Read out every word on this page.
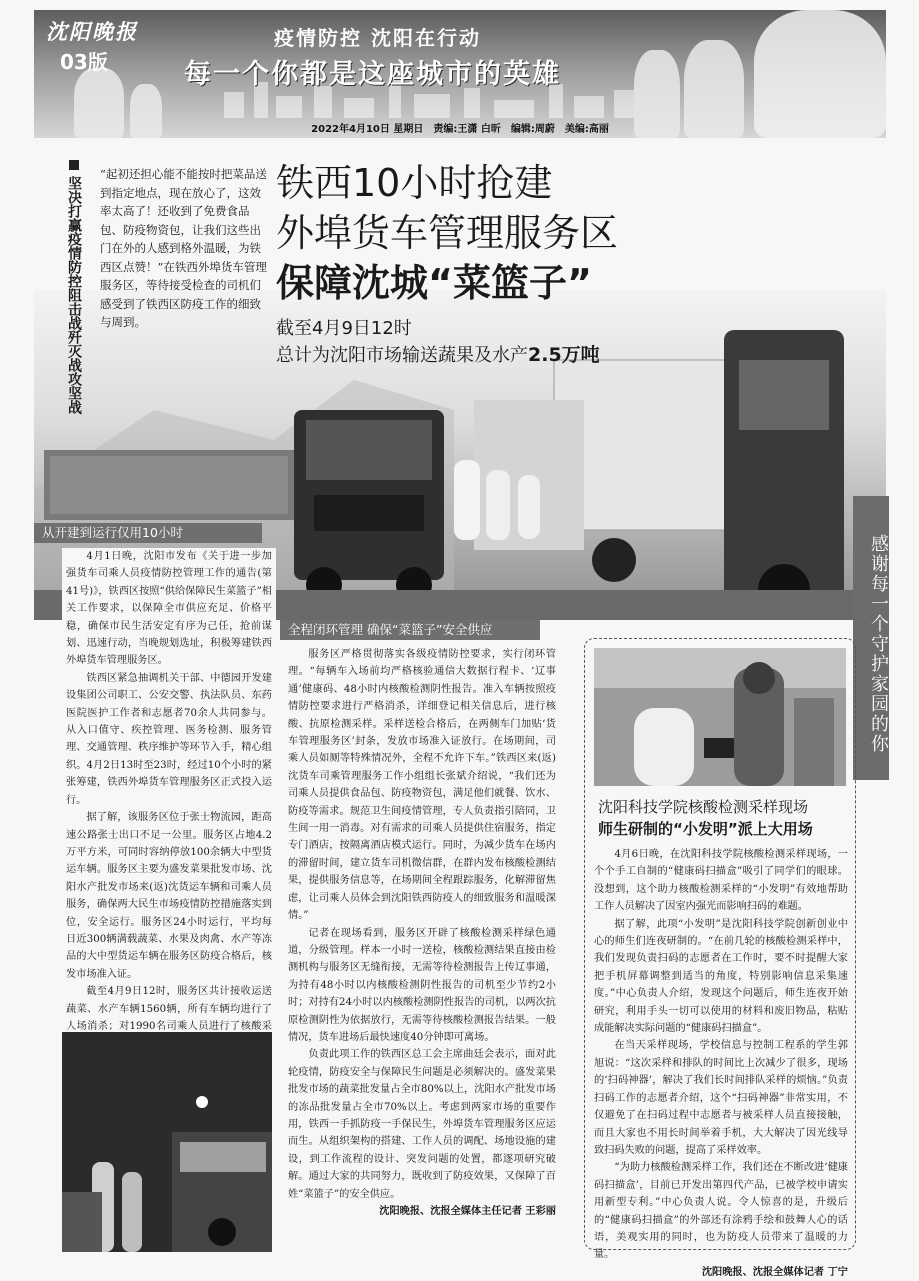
沈阳晚报
03版
疫情防控 沈阳在行动
每一个你都是这座城市的英雄
2022年4月10日 星期日　责编:王潇 白昕　编辑:周蔚　美编:高丽
坚决打赢疫情防控阻击战歼灭战攻坚战
“起初还担心能不能按时把菜品送到指定地点，现在放心了，这效率太高了！还收到了免费食品包、防疫物资包，让我们这些出门在外的人感到格外温暖，为铁西区点赞！”在铁西外埠货车管理服务区，等待接受检查的司机们感受到了铁西区防疫工作的细致与周到。
铁西10小时抢建
外埠货车管理服务区
保障沈城“菜篮子”
截至4月9日12时
总计为沈阳市场输送蔬果及水产2.5万吨
从开建到运行仅用10小时

4月1日晚，沈阳市发布《关于进一步加强货车司乘人员疫情防控管理工作的通告(第41号)》，铁西区按照“供给保障民生菜篮子”相关工作要求，以保障全市供应充足、价格平稳，确保市民生活安定有序为己任，抢前谋划、迅速行动，当晚规划选址，积极筹建铁西外埠货车管理服务区。

铁西区紧急抽调机关干部、中德园开发建设集团公司职工、公安交警、执法队员、东药医院医护工作者和志愿者70余人共同参与。从入口值守、疾控管理、医务检测、服务管理、交通管理、秩序维护等环节入手，精心组织。4月2日13时至23时，经过10个小时的紧张筹建，铁西外埠货车管理服务区正式投入运行。

据了解，该服务区位于张士物流园，距高速公路张士出口不足一公里。服务区占地4.2万平方米，可同时容纳停放100余辆大中型货运车辆。服务区主要为盛发菜果批发市场、沈阳水产批发市场来(返)沈货运车辆和司乘人员服务，确保两大民生市场疫情防控措施落实到位，安全运行。服务区24小时运行，平均每日近300辆满载蔬菜、水果及肉禽、水产等冻品的大中型货运车辆在服务区防疫合格后，核发市场准入证。

截至4月9日12时，服务区共计接收运送蔬菜、水产车辆1560辆，所有车辆均进行了人场消杀；对1990名司乘人员进行了核酸采

全程闭环管理 确保“菜篮子”安全供应

服务区严格贯彻落实各级疫情防控要求，实行闭环管理。“每辆车入场前均严格核验通信大数据行程卡、‘辽事通’健康码、48小时内核酸检测阴性报告。准入车辆按照疫情防控要求进行严格消杀，详细登记相关信息后，进行核酸、抗原检测采样。采样送检合格后，在两侧车门加贴‘货车管理服务区’封条，发放市场准入证放行。在场期间，司乘人员如厕等特殊情况外，全程不允许下车。”铁西区来(返)沈货车司乘管理服务工作小组组长张斌介绍说，“我们还为司乘人员提供食品包、防疫物资包，满足他们就餐、饮水、防疫等需求。规范卫生间疫情管理，专人负责指引陪同，卫生间一用一消毒。对有需求的司乘人员提供住宿服务，指定专门酒店，按隔离酒店模式运行。同时，为减少货车在场内的滞留时间，建立货车司机微信群，在群内发布核酸检测结果，提供服务信息等，在场期间全程跟踪服务，化解滞留焦虑，让司乘人员体会到沈阳铁西防疫人的细致服务和温暖深情。”

记者在现场看到，服务区开辟了核酸检测采样绿色通道，分级管理。样本一小时一送检，核酸检测结果直接由检测机构与服务区无缝衔接，无需等待检测报告上传辽事通，为持有48小时以内核酸检测阴性报告的司机至少节约2小时；对持有24小时以内核酸检测阴性报告的司机，以两次抗原检测阴性为依据放行，无需等待核酸检测报告结果。一般情况，货车进场后最快速度40分钟即可离场。

负责此项工作的铁西区总工会主席曲廷会表示，面对此轮疫情，防疫安全与保障民生问题是必须解决的。盛发菜果批发市场的蔬菜批发量占全市80%以上，沈阳水产批发市场的冻品批发量占全市70%以上。考虑到两家市场的重要作用，铁西一手抓防疫一手保民生，外埠货车管理服务区应运而生。从组织架构的搭建、工作人员的调配、场地设施的建设，到工作流程的设计、突发问题的处置，都逐项研究破解。通过大家的共同努力，既收到了防疫效果，又保障了百姓“菜篮子”的安全供应。

沈阳晚报、沈报全媒体主任记者 王彩丽
感谢每一个守护家园的你
沈阳科技学院核酸检测采样现场
师生研制的“小发明”派上大用场

4月6日晚，在沈阳科技学院核酸检测采样现场，一个个手工自制的“健康码扫描盒”吸引了同学们的眼球。没想到，这个助力核酸检测采样的“小发明”有效地帮助工作人员解决了因室内强光而影响扫码的难题。

据了解，此项“小发明”是沈阳科技学院创新创业中心的师生们连夜研制的。“在前几轮的核酸检测采样中，我们发现负责扫码的志愿者在工作时，要不时提醒大家把手机屏幕调整到适当的角度，特别影响信息采集速度。”中心负责人介绍，发现这个问题后，师生连夜开始研究，利用手头一切可以使用的材料和废旧物品，粘贴成能解决实际问题的“健康码扫描盒”。

在当天采样现场，学校信息与控制工程系的学生郭旭说：“这次采样和排队的时间比上次减少了很多，现场的‘扫码神器’，解决了我们长时间排队采样的烦恼。”负责扫码工作的志愿者介绍，这个“扫码神器”非常实用，不仅避免了在扫码过程中志愿者与被采样人员直接接触，而且大家也不用长时间举着手机，大大解决了因光线导致扫码失败的问题，提高了采样效率。

“为助力核酸检测采样工作，我们还在不断改进‘健康码扫描盒’，目前已开发出第四代产品，已被学校申请实用新型专利。”中心负责人说。令人惊喜的是，升级后的“健康码扫描盒”的外部还有涂鸦手绘和鼓舞人心的话语，美观实用的同时，也为防疫人员带来了温暖的力量。

沈阳晚报、沈报全媒体记者 丁宁
